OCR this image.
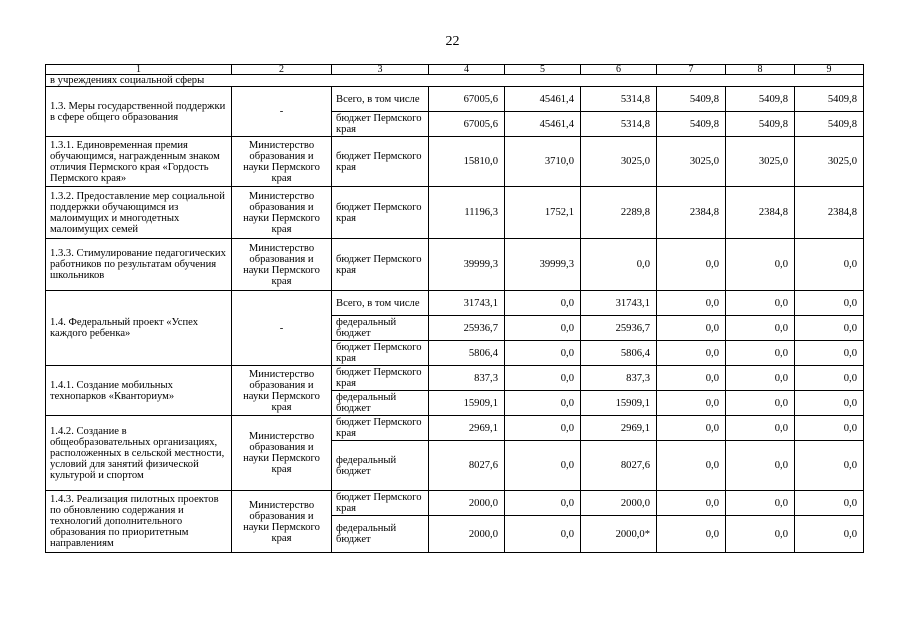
22
1	2	3	4	5	6	7	8	9
в учреждениях социальной сферы								
1.3. Меры государственной поддержки в сфере общего образования	-	Всего, в том числе	67005,6	45461,4	5314,8	5409,8	5409,8	5409,8
		бюджет Пермского края	67005,6	45461,4	5314,8	5409,8	5409,8	5409,8
1.3.1. Единовременная премия обучающимся, награжденным знаком отличия Пермского края «Гордость Пермского края»	Министерство образования и науки Пермского края	бюджет Пермского края	15810,0	3710,0	3025,0	3025,0	3025,0	3025,0
1.3.2. Предоставление мер социальной поддержки обучающимся из малоимущих и многодетных малоимущих семей	Министерство образования и науки Пермского края	бюджет Пермского края	11196,3	1752,1	2289,8	2384,8	2384,8	2384,8
1.3.3. Стимулирование педагогических работников по результатам обучения школьников	Министерство образования и науки Пермского края	бюджет Пермского края	39999,3	39999,3	0,0	0,0	0,0	0,0
1.4. Федеральный проект «Успех каждого ребенка»	-	Всего, в том числе	31743,1	0,0	31743,1	0,0	0,0	0,0
		федеральный бюджет	25936,7	0,0	25936,7	0,0	0,0	0,0
		бюджет Пермского края	5806,4	0,0	5806,4	0,0	0,0	0,0
1.4.1. Создание мобильных технопарков «Кванториум»	Министерство образования и науки Пермского края	бюджет Пермского края	837,3	0,0	837,3	0,0	0,0	0,0
		федеральный бюджет	15909,1	0,0	15909,1	0,0	0,0	0,0
1.4.2. Создание в общеобразовательных организациях, расположенных в сельской местности, условий для занятий физической культурой и спортом	Министерство образования и науки Пермского края	бюджет Пермского края	2969,1	0,0	2969,1	0,0	0,0	0,0
		федеральный бюджет	8027,6	0,0	8027,6	0,0	0,0	0,0
1.4.3. Реализация пилотных проектов по обновлению содержания и технологий дополнительного образования по приоритетным направлениям	Министерство образования и науки Пермского края	бюджет Пермского края	2000,0	0,0	2000,0	0,0	0,0	0,0
		федеральный бюджет	2000,0	0,0	2000,0*	0,0	0,0	0,0
